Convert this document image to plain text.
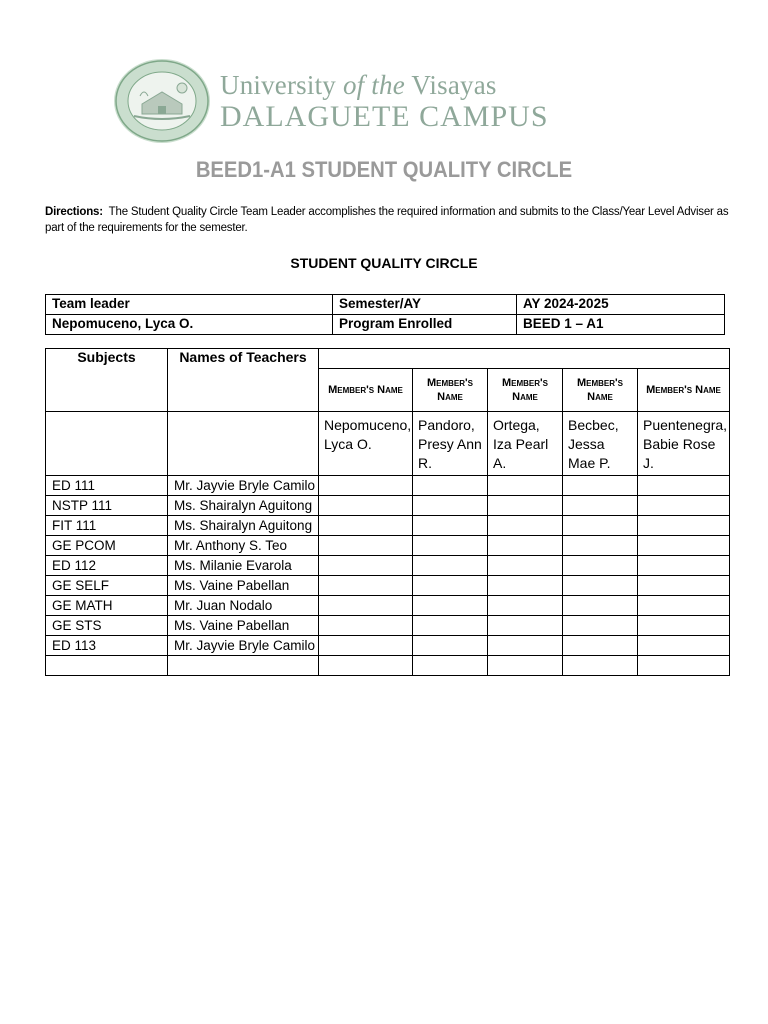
University of the Visayas
DALAGUETE CAMPUS
BEED1-A1 STUDENT QUALITY CIRCLE
Directions: The Student Quality Circle Team Leader accomplishes the required information and submits to the Class/Year Level Adviser as part of the requirements for the semester.
STUDENT QUALITY CIRCLE
Team leader	Semester/AY	AY 2024-2025
Nepomuceno, Lyca O.	Program Enrolled	BEED 1 – A1
Subjects	Names of Teachers					
		Member's Name	Member's Name	Member's Name	Member's Name	Member's Name
		Nepomuceno, Lyca O.	Pandoro, Presy Ann R.	Ortega, Iza Pearl A.	Becbec, Jessa Mae P.	Puentenegra, Babie Rose J.
ED 111	Mr. Jayvie Bryle Camilo					
NSTP 111	Ms. Shairalyn Aguitong					
FIT 111	Ms. Shairalyn Aguitong					
GE PCOM	Mr. Anthony S. Teo					
ED 112	Ms. Milanie Evarola					
GE SELF	Ms. Vaine Pabellan					
GE MATH	Mr. Juan Nodalo					
GE STS	Ms. Vaine Pabellan					
ED 113	Mr. Jayvie Bryle Camilo					
